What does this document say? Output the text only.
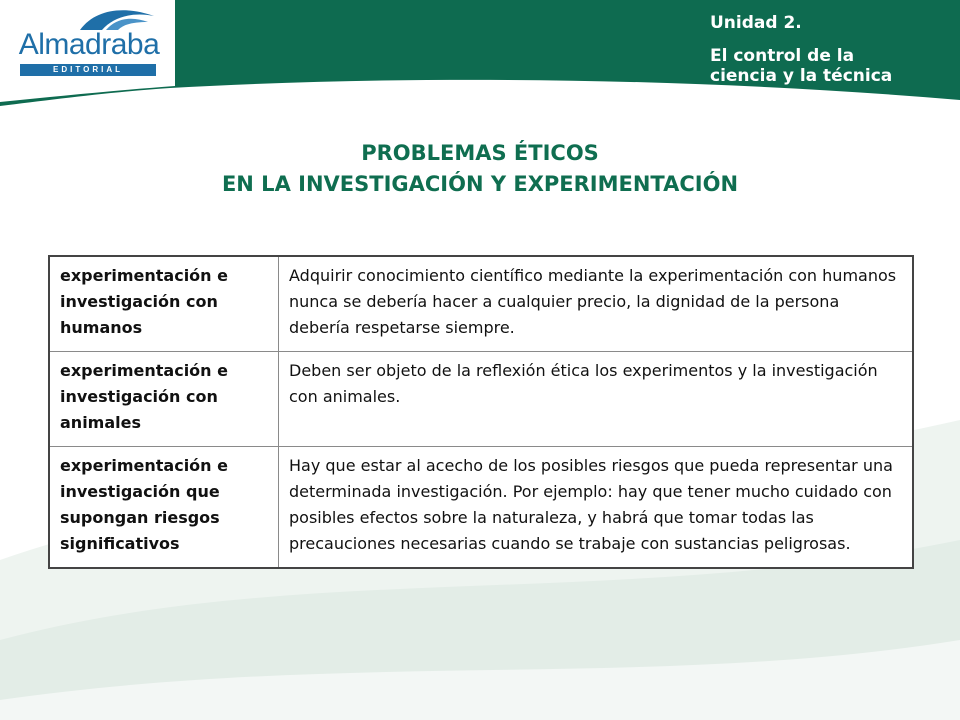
Almadraba
EDITORIAL
Unidad 2.
El control de la
ciencia y la técnica
PROBLEMAS ÉTICOS
EN LA INVESTIGACIÓN Y EXPERIMENTACIÓN
experimentación e investigación con humanos	Adquirir conocimiento científico mediante la experimentación con humanos nunca se debería hacer a cualquier precio, la dignidad de la persona debería respetarse siempre.
experimentación e investigación con animales	Deben ser objeto de la reflexión ética los experimentos y la investigación con animales.
experimentación e investigación que supongan riesgos significativos	Hay que estar al acecho de los posibles riesgos que pueda representar una determinada investigación. Por ejemplo: hay que tener mucho cuidado con posibles efectos sobre la naturaleza, y habrá que tomar todas las precauciones necesarias cuando se trabaje con sustancias peligrosas.
